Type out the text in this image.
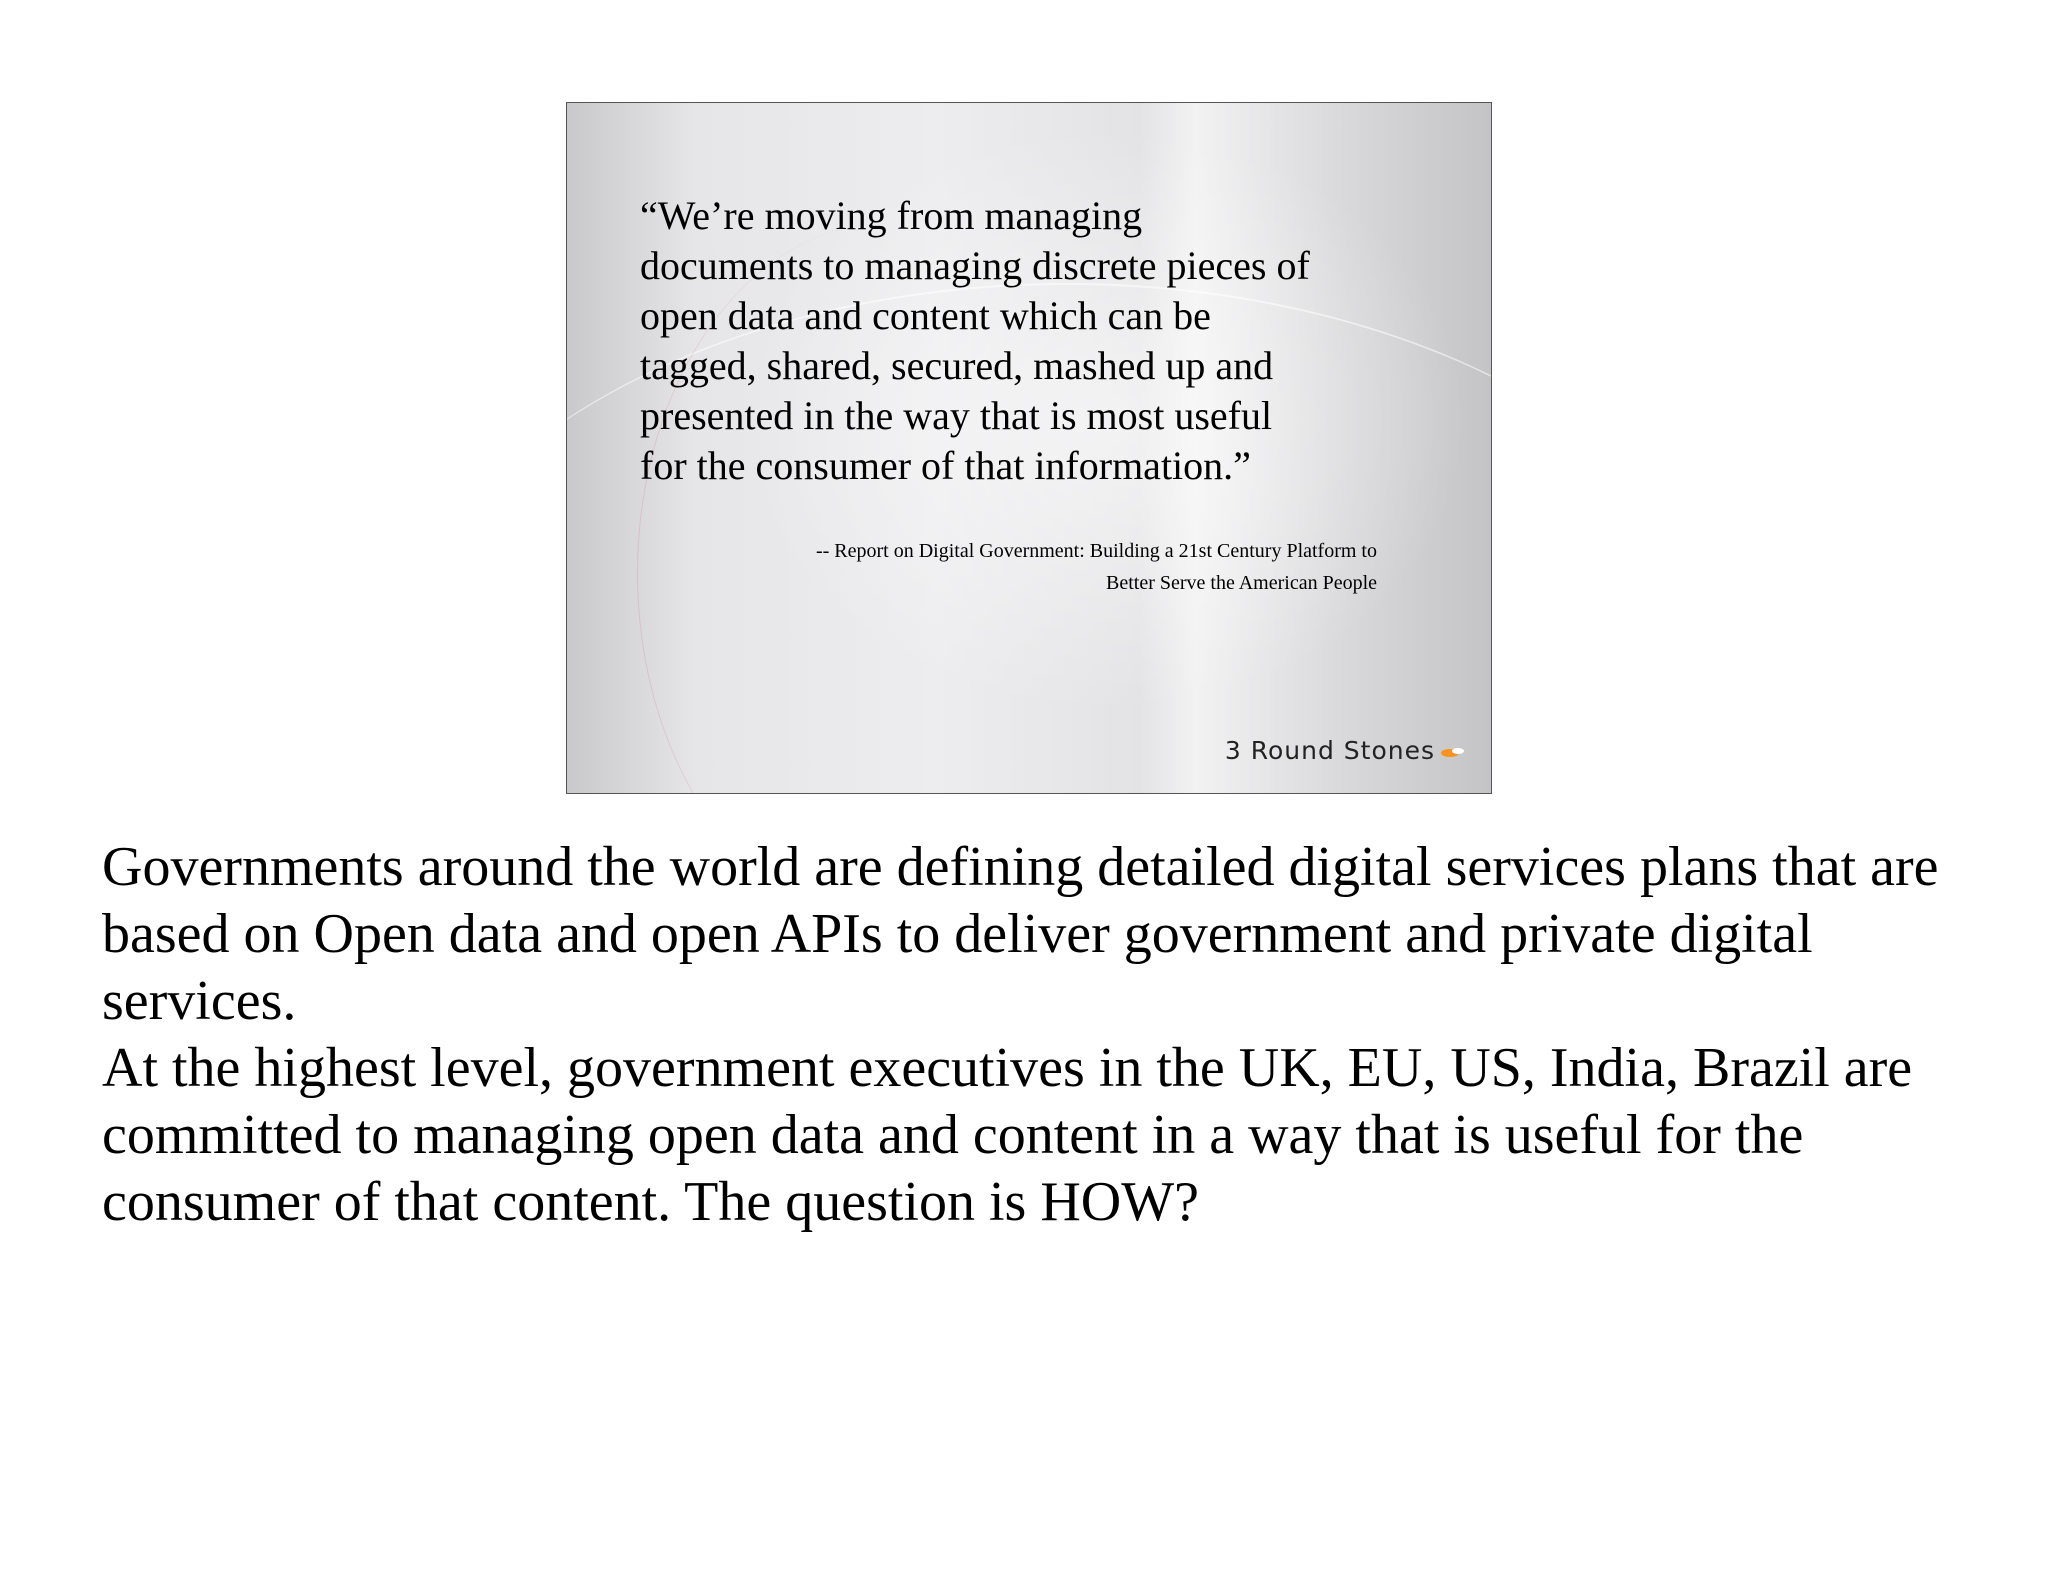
“We’re moving from managing
documents to managing discrete pieces of
open data and content which can be
tagged, shared, secured, mashed up and
presented in the way that is most useful
for the consumer of that information.”

-- Report on Digital Government: Building a 21st Century Platform to
Better Serve the American People

3 Round Stones

Governments around the world are defining detailed digital services plans that are based on Open data and open APIs to deliver government and private digital services.

At the highest level, government executives in the UK, EU, US, India, Brazil are committed to managing open data and content in a way that is useful for the consumer of that content. The question is HOW?
